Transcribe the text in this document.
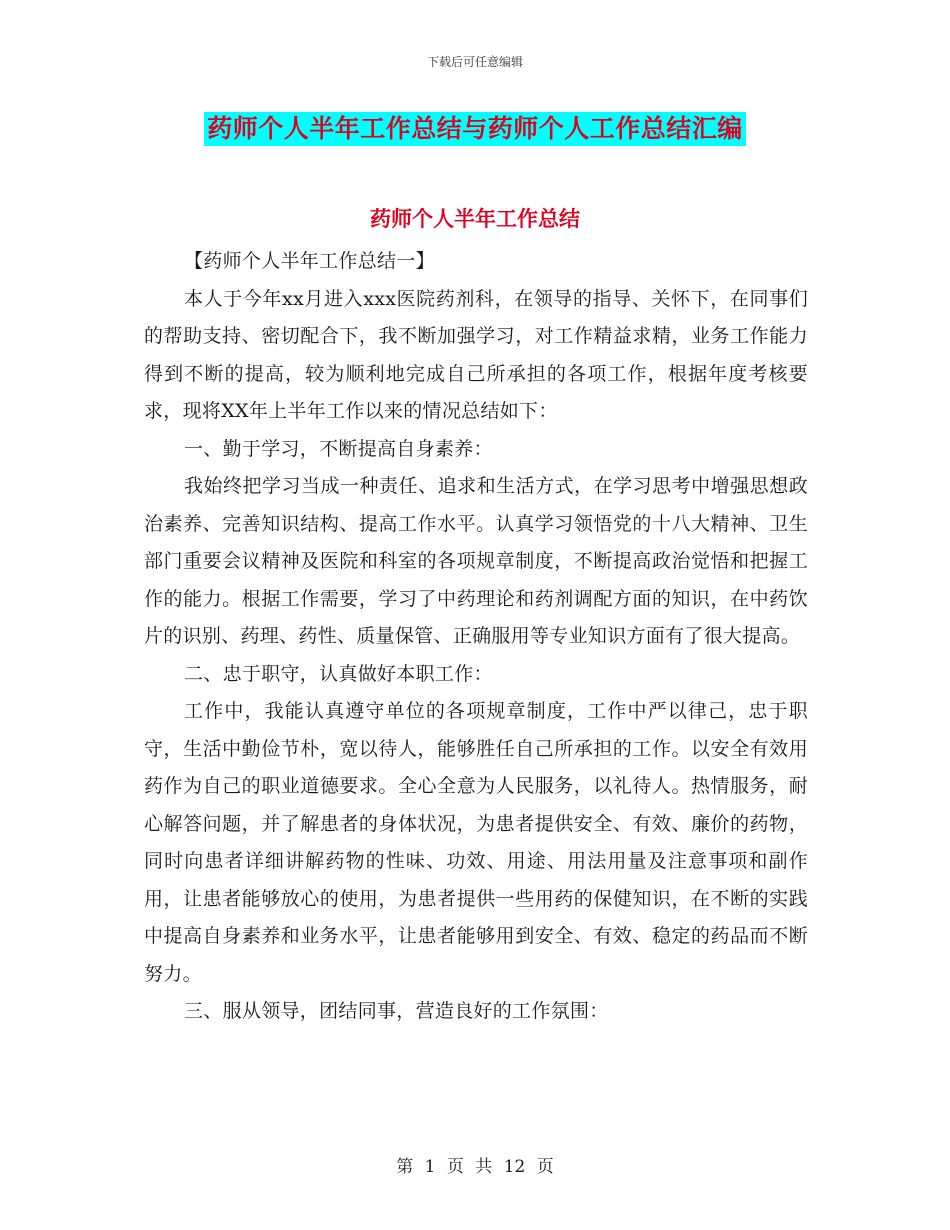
下载后可任意编辑
药师个人半年工作总结与药师个人工作总结汇编
药师个人半年工作总结

【药师个人半年工作总结一】

本人于今年xx月进入xxx医院药剂科，在领导的指导、关怀下，在同事们的帮助支持、密切配合下，我不断加强学习，对工作精益求精，业务工作能力得到不断的提高，较为顺利地完成自己所承担的各项工作，根据年度考核要求，现将XX年上半年工作以来的情况总结如下：

一、勤于学习，不断提高自身素养：

我始终把学习当成一种责任、追求和生活方式，在学习思考中增强思想政治素养、完善知识结构、提高工作水平。认真学习领悟党的十八大精神、卫生部门重要会议精神及医院和科室的各项规章制度，不断提高政治觉悟和把握工作的能力。根据工作需要，学习了中药理论和药剂调配方面的知识，在中药饮片的识别、药理、药性、质量保管、正确服用等专业知识方面有了很大提高。

二、忠于职守，认真做好本职工作：

工作中，我能认真遵守单位的各项规章制度，工作中严以律己，忠于职守，生活中勤俭节朴，宽以待人，能够胜任自己所承担的工作。以安全有效用药作为自己的职业道德要求。全心全意为人民服务，以礼待人。热情服务，耐心解答问题，并了解患者的身体状况，为患者提供安全、有效、廉价的药物，同时向患者详细讲解药物的性味、功效、用途、用法用量及注意事项和副作用，让患者能够放心的使用，为患者提供一些用药的保健知识，在不断的实践中提高自身素养和业务水平，让患者能够用到安全、有效、稳定的药品而不断努力。

三、服从领导，团结同事，营造良好的工作氛围：

第 1 页 共 12 页
